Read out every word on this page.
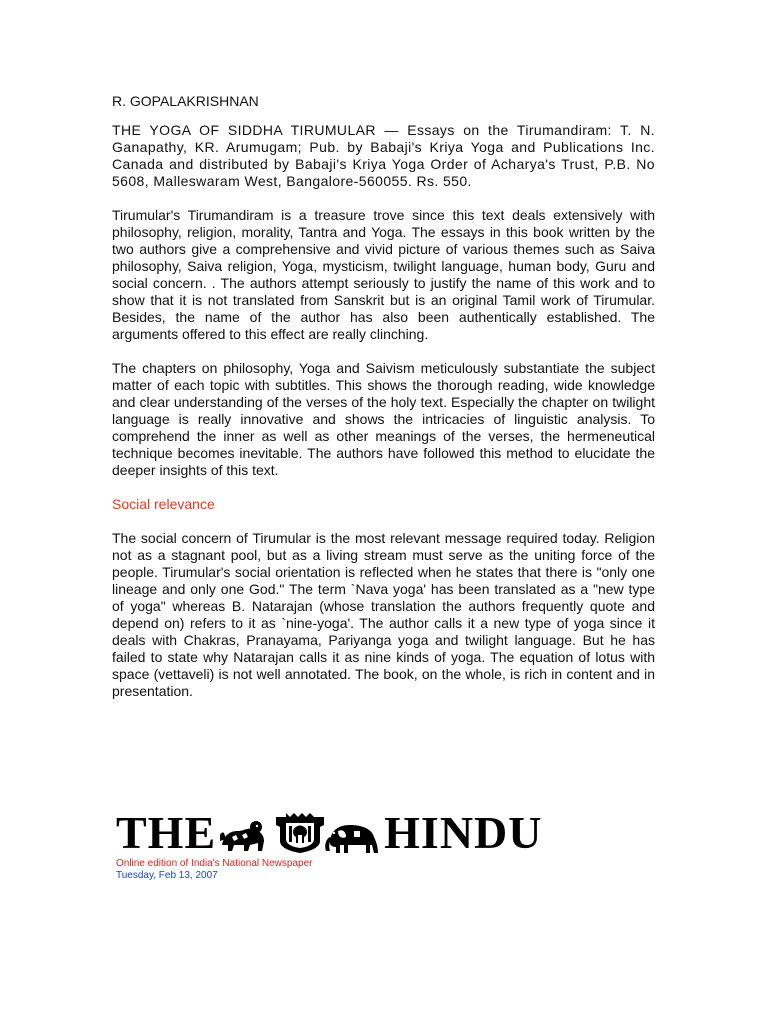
R. GOPALAKRISHNAN
THE YOGA OF SIDDHA TIRUMULAR — Essays on the Tirumandiram: T. N. Ganapathy, KR. Arumugam; Pub. by Babaji's Kriya Yoga and Publications Inc. Canada and distributed by Babaji's Kriya Yoga Order of Acharya's Trust, P.B. No 5608, Malleswaram West, Bangalore-560055. Rs. 550.
Tirumular's Tirumandiram is a treasure trove since this text deals extensively with philosophy, religion, morality, Tantra and Yoga. The essays in this book written by the two authors give a comprehensive and vivid picture of various themes such as Saiva philosophy, Saiva religion, Yoga, mysticism, twilight language, human body, Guru and social concern. . The authors attempt seriously to justify the name of this work and to show that it is not translated from Sanskrit but is an original Tamil work of Tirumular. Besides, the name of the author has also been authentically established. The arguments offered to this effect are really clinching.
The chapters on philosophy, Yoga and Saivism meticulously substantiate the subject matter of each topic with subtitles. This shows the thorough reading, wide knowledge and clear understanding of the verses of the holy text. Especially the chapter on twilight language is really innovative and shows the intricacies of linguistic analysis. To comprehend the inner as well as other meanings of the verses, the hermeneutical technique becomes inevitable. The authors have followed this method to elucidate the deeper insights of this text.
Social relevance
The social concern of Tirumular is the most relevant message required today. Religion not as a stagnant pool, but as a living stream must serve as the uniting force of the people. Tirumular's social orientation is reflected when he states that there is "only one lineage and only one God." The term `Nava yoga' has been translated as a "new type of yoga" whereas B. Natarajan (whose translation the authors frequently quote and depend on) refers to it as `nine-yoga'. The author calls it a new type of yoga since it deals with Chakras, Pranayama, Pariyanga yoga and twilight language. But he has failed to state why Natarajan calls it as nine kinds of yoga. The equation of lotus with space (vettaveli) is not well annotated. The book, on the whole, is rich in content and in presentation.
THE	HINDU
Online edition of India's National Newspaper
Tuesday, Feb 13, 2007
